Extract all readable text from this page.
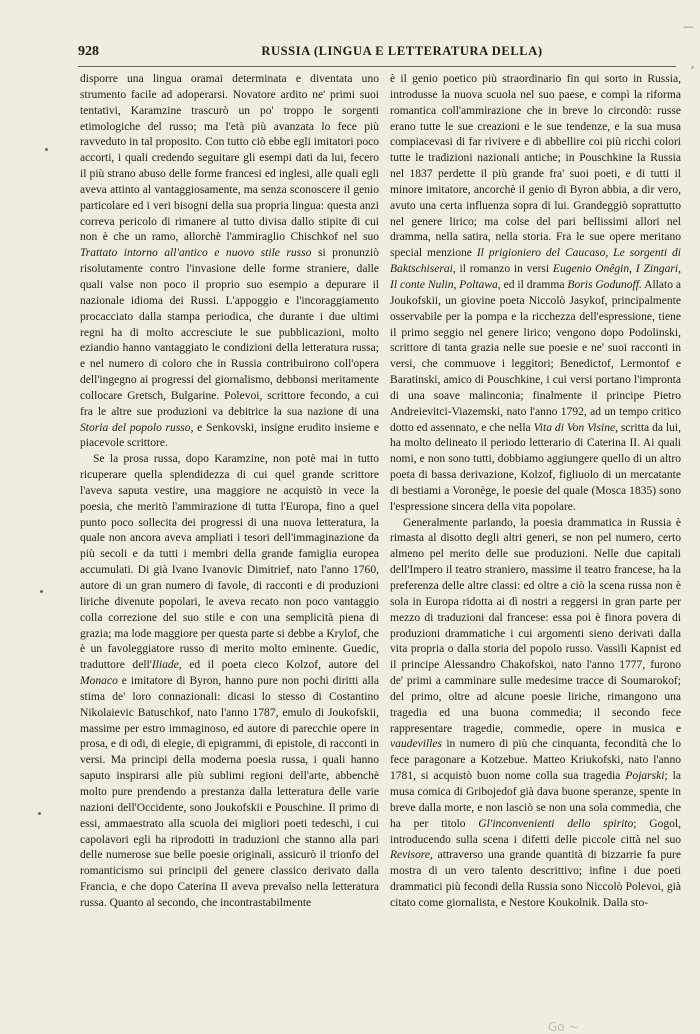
928	RUSSIA (LINGUA E LETTERATURA DELLA)

disporre una lingua oramai determinata e diventata uno strumento facile ad adoperarsi. Novatore ardito ne' primi suoi tentativi, Karamzine trascurò un po' troppo le sorgenti etimologiche del russo; ma l'età più avanzata lo fece più ravveduto in tal proposito. Con tutto ciò ebbe egli imitatori poco accorti, i quali credendo seguitare gli esempi dati da lui, fecero il più strano abuso delle forme francesi ed inglesi, alle quali egli aveva attinto al vantaggiosamente, ma senza sconoscere il genio particolare ed i veri bisogni della sua propria lingua: questa anzi correva pericolo di rimanere al tutto divisa dallo stipite di cui non è che un ramo, allorchè l'ammiraglio Chischkof nel suo Trattato intorno all'antico e nuovo stile russo si pronunziò risolutamente contro l'invasione delle forme straniere, dalle quali valse non poco il proprio suo esempio a depurare il nazionale idioma dei Russi. L'appoggio e l'incoraggiamento procacciato dalla stampa periodica, che durante i due ultimi regni ha di molto accresciute le sue pubblicazioni, molto eziandio hanno vantaggiato le condizioni della letteratura russa; e nel numero di coloro che in Russia contribuirono coll'opera dell'ingegno ai progressi del giornalismo, debbonsi meritamente collocare Gretsch, Bulgarine. Polevoi, scrittore fecondo, a cui fra le altre sue produzioni va debitrice la sua nazione di una Storia del popolo russo, e Senkovski, insigne erudito insieme e piacevole scrittore.

Se la prosa russa, dopo Karamzine, non potè mai in tutto ricuperare quella splendidezza di cui quel grande scrittore l'aveva saputa vestire, una maggiore ne acquistò in vece la poesia, che meritò l'ammirazione di tutta l'Europa, fino a quel punto poco sollecita dei progressi di una nuova letteratura, la quale non ancora aveva ampliati i tesori dell'immaginazione da più secoli e da tutti i membri della grande famiglia europea accumulati. Di già Ivano Ivanovic Dimitrief, nato l'anno 1760, autore di un gran numero di favole, di racconti e di produzioni liriche divenute popolari, le aveva recato non poco vantaggio colla correzione del suo stile e con una semplicità piena di grazia; ma lode maggiore per questa parte si debbe a Krylof, che è un favoleggiatore russo di merito molto eminente. Guedic, traduttore dell'Iliade, ed il poeta cieco Kolzof, autore del Monaco e imitatore di Byron, hanno pure non pochi diritti alla stima de' loro connazionali: dicasi lo stesso di Costantino Nikolaievic Batuschkof, nato l'anno 1787, emulo di Joukofskii, massime per estro immaginoso, ed autore di parecchie opere in prosa, e di odi, di elegie, di epigrammi, di epistole, di racconti in versi. Ma principi della moderna poesia russa, i quali hanno saputo inspirarsi alle più sublimi regioni dell'arte, abbenchè molto pure prendendo a prestanza dalla letteratura delle varie nazioni dell'Occidente, sono Joukofskii e Pouschine. Il primo di essi, ammaestrato alla scuola dei migliori poeti tedeschi, i cui capolavori egli ha riprodotti in traduzioni che stanno alla pari delle numerose sue belle poesie originali, assicurò il trionfo del romanticismo sui principii del genere classico derivato dalla Francia, e che dopo Caterina II aveva prevalso nella letteratura russa. Quanto al secondo, che incontrastabilmente

è il genio poetico più straordinario fin qui sorto in Russia, introdusse la nuova scuola nel suo paese, e compì la riforma romantica coll'ammirazione che in breve lo circondò: russe erano tutte le sue creazioni e le sue tendenze, e la sua musa compiacevasi di far rivivere e di abbellire coi più ricchi colori tutte le tradizioni nazionali antiche; in Pouschkine la Russia nel 1837 perdette il più grande fra' suoi poeti, e di tutti il minore imitatore, ancorchè il genio di Byron abbia, a dir vero, avuto una certa influenza sopra di lui. Grandeggiò soprattutto nel genere lirico; ma colse del pari bellissimi allori nel dramma, nella satira, nella storia. Fra le sue opere meritano special menzione Il prigioniero del Caucaso, Le sorgenti di Baktschiserai, il romanzo in versi Eugenio Onêgin, I Zingari, Il conte Nulin, Poltawa, ed il dramma Boris Godunoff. Allato a Joukofskii, un giovine poeta Niccolò Jasykof, principalmente osservabile per la pompa e la ricchezza dell'espressione, tiene il primo seggio nel genere lirico; vengono dopo Podolinski, scrittore di tanta grazia nelle sue poesie e ne' suoi racconti in versi, che commuove i leggitori; Benedictof, Lermontof e Baratinski, amico di Pouschkine, i cui versi portano l'impronta di una soave malinconia; finalmente il principe Pietro Andreievitci-Viazemski, nato l'anno 1792, ad un tempo critico dotto ed assennato, e che nella Vita di Von Visine, scritta da lui, ha molto delineato il periodo letterario di Caterina II. Ai quali nomi, e non sono tutti, dobbiamo aggiungere quello di un altro poeta di bassa derivazione, Kolzof, figliuolo di un mercatante di bestiami a Voronège, le poesie del quale (Mosca 1835) sono l'espressione sincera della vita popolare.

Generalmente parlando, la poesia drammatica in Russia è rimasta al disotto degli altri generi, se non pel numero, certo almeno pel merito delle sue produzioni. Nelle due capitali dell'Impero il teatro straniero, massime il teatro francese, ha la preferenza delle altre classi: ed oltre a ciò la scena russa non è sola in Europa ridotta ai dì nostri a reggersi in gran parte per mezzo di traduzioni dal francese: essa poi è finora povera di produzioni drammatiche i cui argomenti sieno derivati dalla vita propria o dalla storia del popolo russo. Vassili Kapnist ed il principe Alessandro Chakofskoi, nato l'anno 1777, furono de' primi a camminare sulle medesime tracce di Soumarokof; del primo, oltre ad alcune poesie liriche, rimangono una tragedia ed una buona commedia; il secondo fece rappresentare tragedie, commedie, opere in musica e vaudevilles in numero di più che cinquanta, fecondità che lo fece paragonare a Kotzebue. Matteo Kriukofski, nato l'anno 1781, si acquistò buon nome colla sua tragedia Pojarski; la musa comica di Gribojedof già dava buone speranze, spente in breve dalla morte, e non lasciò se non una sola commedia, che ha per titolo Gl'inconvenienti dello spirito; Gogol, introducendo sulla scena i difetti delle piccole città nel suo Revisore, attraverso una grande quantità di bizzarrie fa pure mostra di un vero talento descrittivo; infine i due poeti drammatici più fecondi della Russia sono Niccolò Polevoi, già citato come giornalista, e Nestore Koukolnik. Dalla sto-

—
⸗
Go ~
